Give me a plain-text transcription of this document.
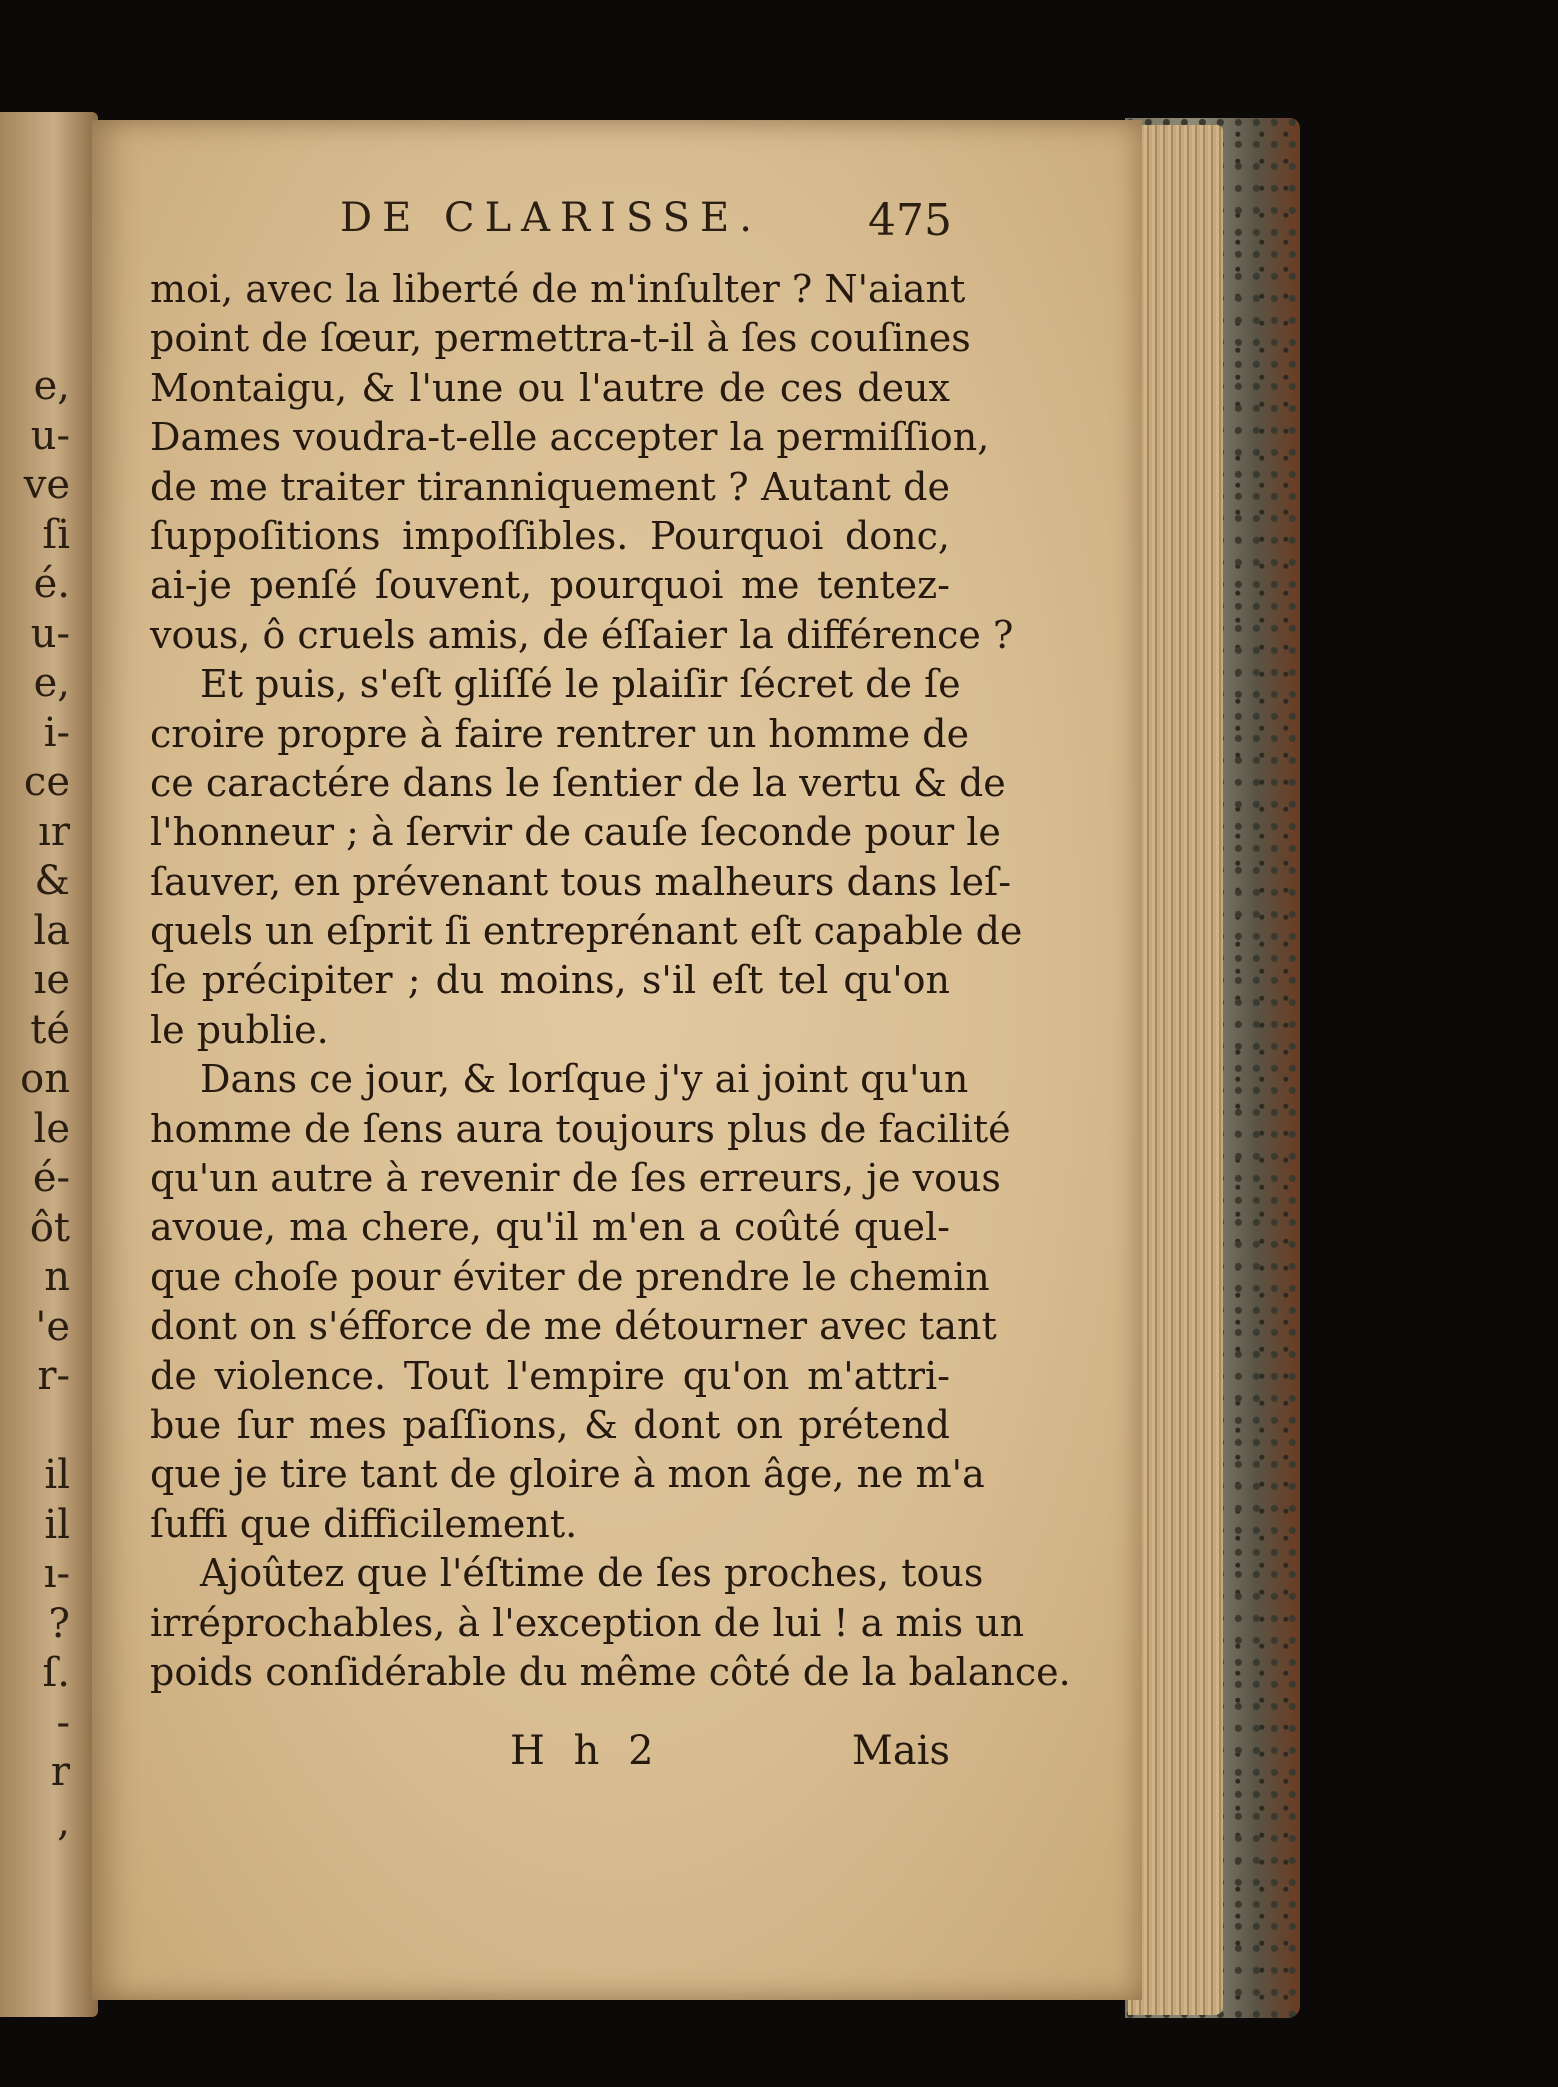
e,
u-
ve
ſi
é.
u-
e,
i-
ce
ır
&
la
ıe
té
on
le
é-
ôt
n
'e
r-
il
il
ı-
?
ſ.
-
r
,
DE CLARISSE. 475
moi, avec la liberté de m'inſulter ? N'aiant
point de ſœur, permettra-t-il à ſes couſines
Montaigu, & l'une ou l'autre de ces deux
Dames voudra-t-elle accepter la permiſſion,
de me traiter tiranniquement ? Autant de
ſuppoſitions impoſſibles. Pourquoi donc,
ai-je penſé ſouvent, pourquoi me tentez-
vous, ô cruels amis, de éſſaier la différence ?
Et puis, s'eſt gliſſé le plaiſir ſécret de ſe
croire propre à faire rentrer un homme de
ce caractére dans le ſentier de la vertu & de
l'honneur ; à ſervir de cauſe ſeconde pour le
ſauver, en prévenant tous malheurs dans leſ-
quels un eſprit ſi entreprénant eſt capable de
ſe précipiter ; du moins, s'il eſt tel qu'on
le publie.
Dans ce jour, & lorſque j'y ai joint qu'un
homme de ſens aura toujours plus de facilité
qu'un autre à revenir de ſes erreurs, je vous
avoue, ma chere, qu'il m'en a coûté quel-
que choſe pour éviter de prendre le chemin
dont on s'éfforce de me détourner avec tant
de violence. Tout l'empire qu'on m'attri-
bue ſur mes paſſions, & dont on prétend
que je tire tant de gloire à mon âge, ne m'a
ſuffi que difficilement.
Ajoûtez que l'éſtime de ſes proches, tous
irréprochables, à l'exception de lui ! a mis un
poids conſidérable du même côté de la balance.
H h 2	Mais
